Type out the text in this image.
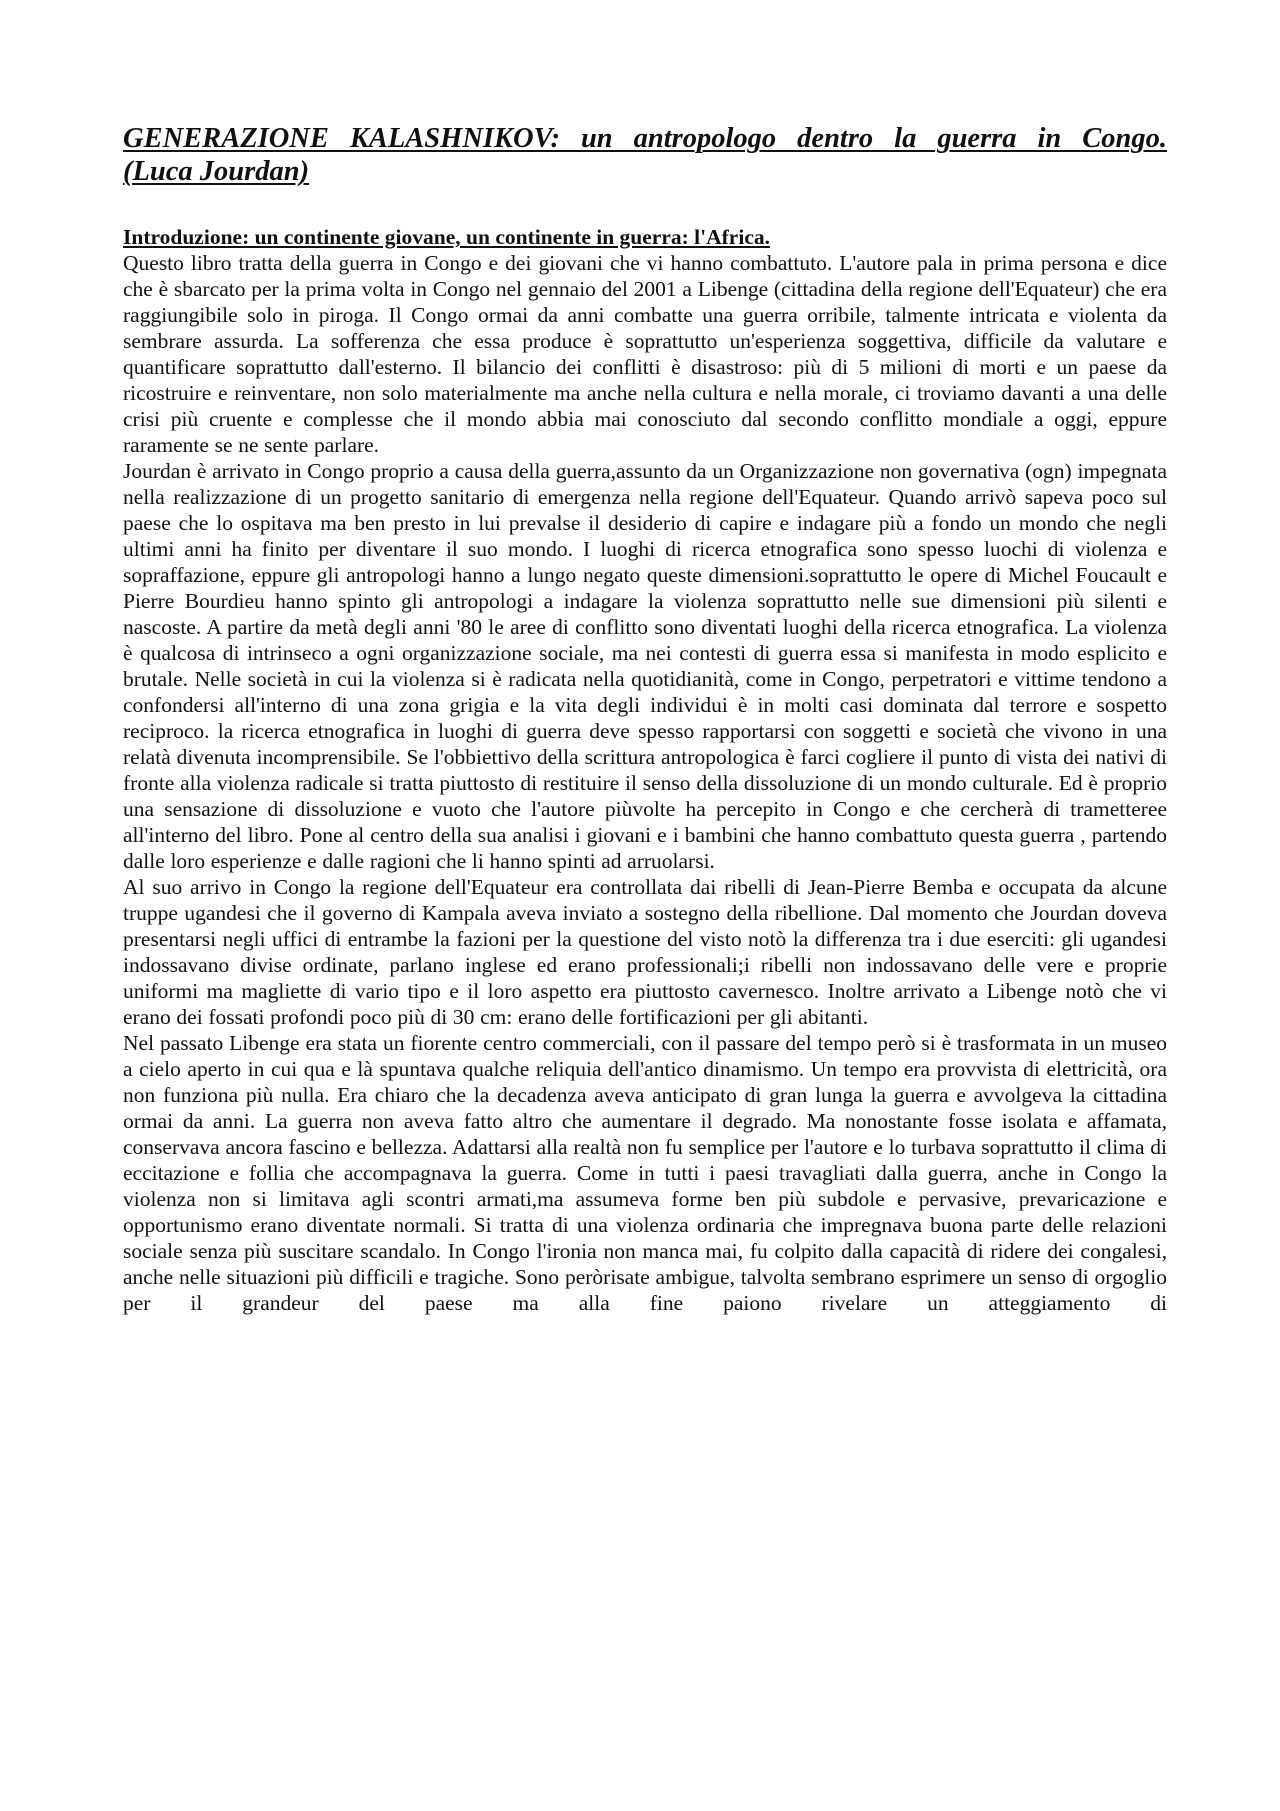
GENERAZIONE KALASHNIKOV: un antropologo dentro la guerra in Congo.
(Luca Jourdan)
Introduzione: un continente giovane, un continente in guerra: l'Africa.

Questo libro tratta della guerra in Congo e dei giovani che vi hanno combattuto. L'autore pala in prima persona e dice che è sbarcato per la prima volta in Congo nel gennaio del 2001 a Libenge (cittadina della regione dell'Equateur) che era raggiungibile solo in piroga. Il Congo ormai da anni combatte una guerra orribile, talmente intricata e violenta da sembrare assurda. La sofferenza che essa produce è soprattutto un'esperienza soggettiva, difficile da valutare e quantificare soprattutto dall'esterno. Il bilancio dei conflitti è disastroso: più di 5 milioni di morti e un paese da ricostruire e reinventare, non solo materialmente ma anche nella cultura e nella morale, ci troviamo davanti a una delle crisi più cruente e complesse che il mondo abbia mai conosciuto dal secondo conflitto mondiale a oggi, eppure raramente se ne sente parlare.

Jourdan è arrivato in Congo proprio a causa della guerra,assunto da un Organizzazione non governativa (ogn) impegnata nella realizzazione di un progetto sanitario di emergenza nella regione dell'Equateur. Quando arrivò sapeva poco sul paese che lo ospitava ma ben presto in lui prevalse il desiderio di capire e indagare più a fondo un mondo che negli ultimi anni ha finito per diventare il suo mondo. I luoghi di ricerca etnografica sono spesso luochi di violenza e sopraffazione, eppure gli antropologi hanno a lungo negato queste dimensioni.soprattutto le opere di Michel Foucault e Pierre Bourdieu hanno spinto gli antropologi a indagare la violenza soprattutto nelle sue dimensioni più silenti e nascoste. A partire da metà degli anni '80 le aree di conflitto sono diventati luoghi della ricerca etnografica. La violenza è qualcosa di intrinseco a ogni organizzazione sociale, ma nei contesti di guerra essa si manifesta in modo esplicito e brutale. Nelle società in cui la violenza si è radicata nella quotidianità, come in Congo, perpetratori e vittime tendono a confondersi all'interno di una zona grigia e la vita degli individui è in molti casi dominata dal terrore e sospetto reciproco. la ricerca etnografica in luoghi di guerra deve spesso rapportarsi con soggetti e società che vivono in una relatà divenuta incomprensibile. Se l'obbiettivo della scrittura antropologica è farci cogliere il punto di vista dei nativi di fronte alla violenza radicale si tratta piuttosto di restituire il senso della dissoluzione di un mondo culturale. Ed è proprio una sensazione di dissoluzione e vuoto che l'autore piùvolte ha percepito in Congo e che cercherà di trametteree all'interno del libro. Pone al centro della sua analisi i giovani e i bambini che hanno combattuto questa guerra , partendo dalle loro esperienze e dalle ragioni che li hanno spinti ad arruolarsi.

Al suo arrivo in Congo la regione dell'Equateur era controllata dai ribelli di Jean-Pierre Bemba e occupata da alcune truppe ugandesi che il governo di Kampala aveva inviato a sostegno della ribellione. Dal momento che Jourdan doveva presentarsi negli uffici di entrambe la fazioni per la questione del visto notò la differenza tra i due eserciti: gli ugandesi indossavano divise ordinate, parlano inglese ed erano professionali;i ribelli non indossavano delle vere e proprie uniformi ma magliette di vario tipo e il loro aspetto era piuttosto cavernesco. Inoltre arrivato a Libenge notò che vi erano dei fossati profondi poco più di 30 cm: erano delle fortificazioni per gli abitanti.

Nel passato Libenge era stata un fiorente centro commerciali, con il passare del tempo però si è trasformata in un museo a cielo aperto in cui qua e là spuntava qualche reliquia dell'antico dinamismo. Un tempo era provvista di elettricità, ora non funziona più nulla. Era chiaro che la decadenza aveva anticipato di gran lunga la guerra e avvolgeva la cittadina ormai da anni. La guerra non aveva fatto altro che aumentare il degrado. Ma nonostante fosse isolata e affamata, conservava ancora fascino e bellezza. Adattarsi alla realtà non fu semplice per l'autore e lo turbava soprattutto il clima di eccitazione e follia che accompagnava la guerra. Come in tutti i paesi travagliati dalla guerra, anche in Congo la violenza non si limitava agli scontri armati,ma assumeva forme ben più subdole e pervasive, prevaricazione e opportunismo erano diventate normali. Si tratta di una violenza ordinaria che impregnava buona parte delle relazioni sociale senza più suscitare scandalo. In Congo l'ironia non manca mai, fu colpito dalla capacità di ridere dei congalesi, anche nelle situazioni più difficili e tragiche. Sono peròrisate ambigue, talvolta sembrano esprimere un senso di orgoglio per il grandeur del paese ma alla fine paiono rivelare un atteggiamento di
